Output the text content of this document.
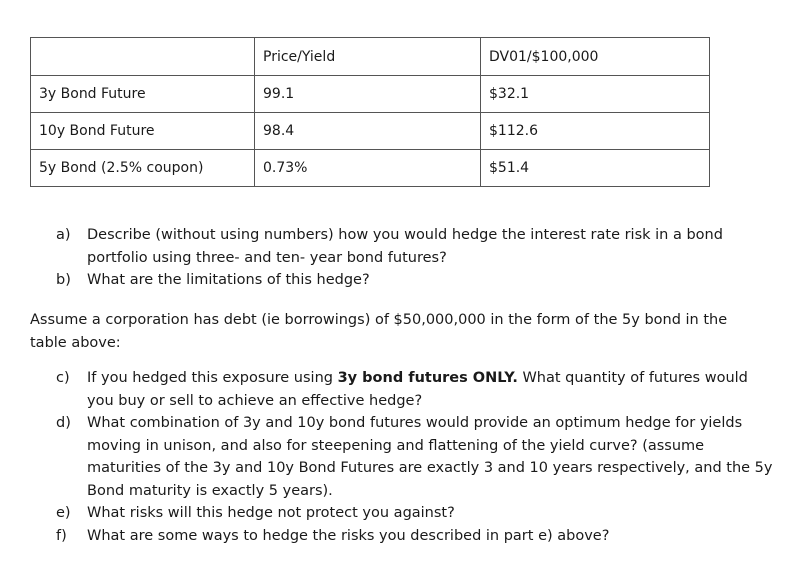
	Price/Yield	DV01/$100,000
3y Bond Future	99.1	$32.1
10y Bond Future	98.4	$112.6
5y Bond (2.5% coupon)	0.73%	$51.4
a) Describe (without using numbers) how you would hedge the interest rate risk in a bond portfolio using three- and ten- year bond futures?
b) What are the limitations of this hedge?

Assume a corporation has debt (ie borrowings) of $50,000,000 in the form of the 5y bond in the table above:

c) If you hedged this exposure using 3y bond futures ONLY. What quantity of futures would you buy or sell to achieve an effective hedge?
d) What combination of 3y and 10y bond futures would provide an optimum hedge for yields moving in unison, and also for steepening and flattening of the yield curve? (assume maturities of the 3y and 10y Bond Futures are exactly 3 and 10 years respectively, and the 5y Bond maturity is exactly 5 years).
e) What risks will this hedge not protect you against?
f) What are some ways to hedge the risks you described in part e) above?
